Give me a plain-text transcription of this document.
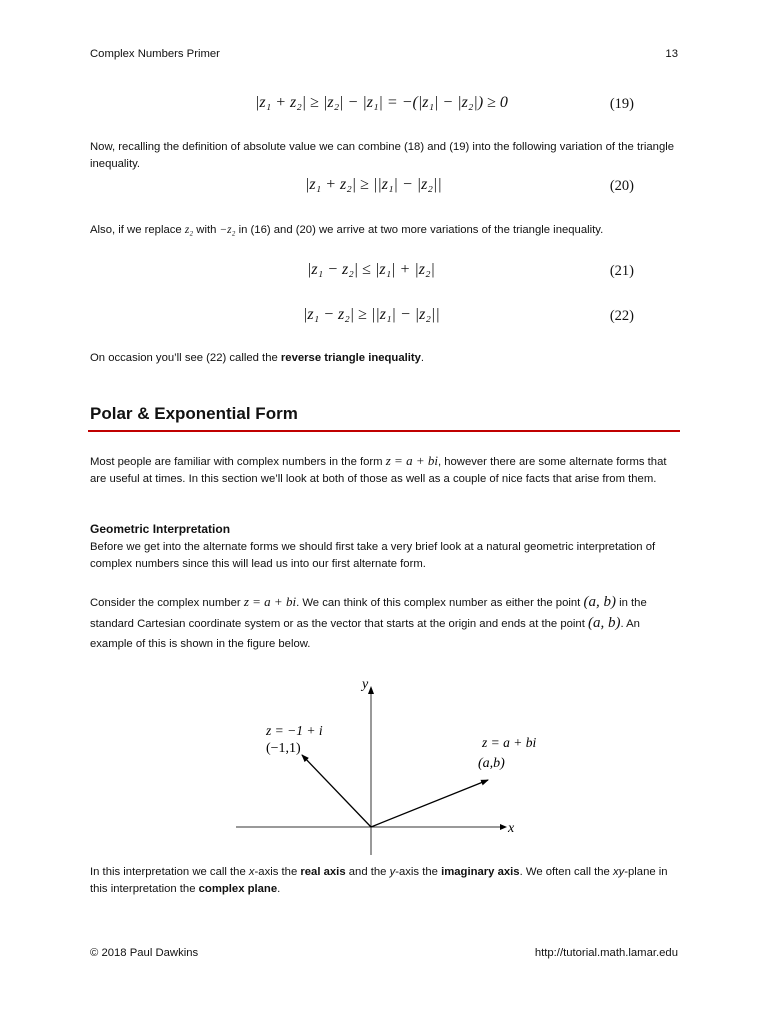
Complex Numbers Primer	13
|z₁ + z₂| ≥ |z₂| − |z₁| = −(|z₁| − |z₂|) ≥ 0	(19)
Now, recalling the definition of absolute value we can combine (18) and (19) into the following variation of the triangle inequality.
|z₁ + z₂| ≥ ||z₁| − |z₂||	(20)
Also, if we replace z₂ with −z₂ in (16) and (20) we arrive at two more variations of the triangle inequality.
|z₁ − z₂| ≤ |z₁| + |z₂|	(21)
|z₁ − z₂| ≥ ||z₁| − |z₂||	(22)
On occasion you’ll see (22) called the reverse triangle inequality.
Polar & Exponential Form
Most people are familiar with complex numbers in the form z = a + bi, however there are some alternate forms that are useful at times. In this section we’ll look at both of those as well as a couple of nice facts that arise from them.
Geometric Interpretation
Before we get into the alternate forms we should first take a very brief look at a natural geometric interpretation of complex numbers since this will lead us into our first alternate form.
Consider the complex number z = a + bi. We can think of this complex number as either the point (a, b) in the standard Cartesian coordinate system or as the vector that starts at the origin and ends at the point (a, b). An example of this is shown in the figure below.
y
x
z = −1 + i
(−1,1)	z = a + bi
(a,b)
In this interpretation we call the x-axis the real axis and the y-axis the imaginary axis. We often call the xy-plane in this interpretation the complex plane.
© 2018 Paul Dawkins	http://tutorial.math.lamar.edu
